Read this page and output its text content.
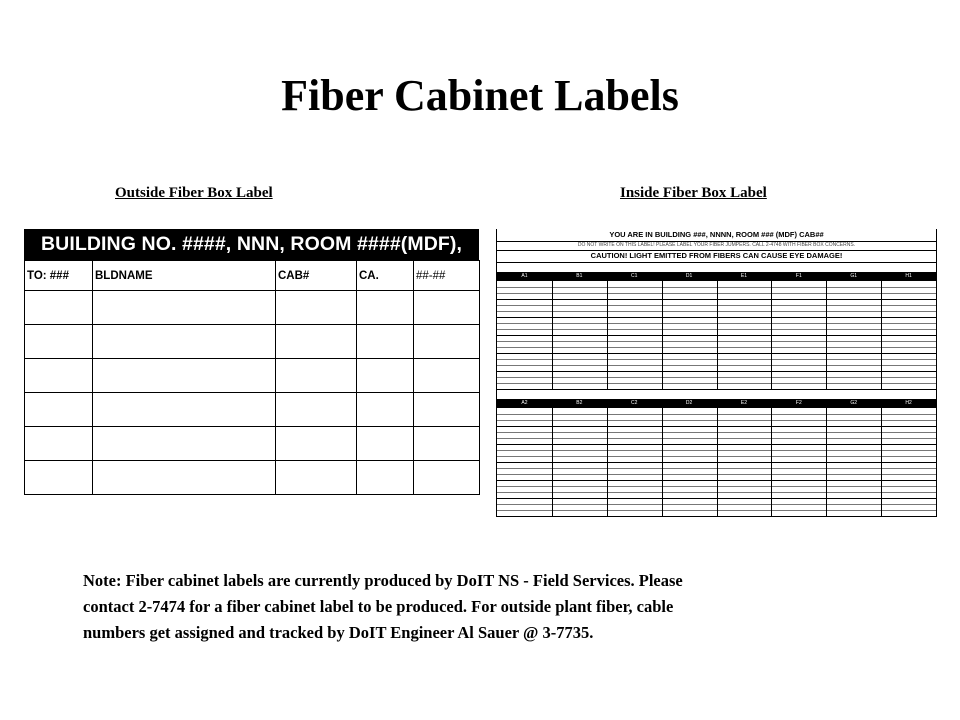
Fiber Cabinet Labels
Outside Fiber Box Label	Inside Fiber Box Label
BUILDING NO. ####, NNN, ROOM ####(MDF), CAB##
TO: ###	BLDNAME	CAB#	CA.	##-##

YOU ARE IN BUILDING ###, NNNN, ROOM ### (MDF) CAB##
DO NOT WRITE ON THIS LABEL! PLEASE LABEL YOUR FIBER JUMPERS. CALL 2-4748 WITH FIBER BOX CONCERNS.
CAUTION! LIGHT EMITTED FROM FIBERS CAN CAUSE EYE DAMAGE!
A1	B1	C1	D1	E1	F1	G1	H1
A2	B2	C2	D2	E2	F2	G2	H2
Note: Fiber cabinet labels are currently produced by DoIT NS - Field Services. Please
contact 2-7474 for a fiber cabinet label to be produced. For outside plant fiber, cable
numbers get assigned and tracked by DoIT Engineer Al Sauer @ 3-7735.
